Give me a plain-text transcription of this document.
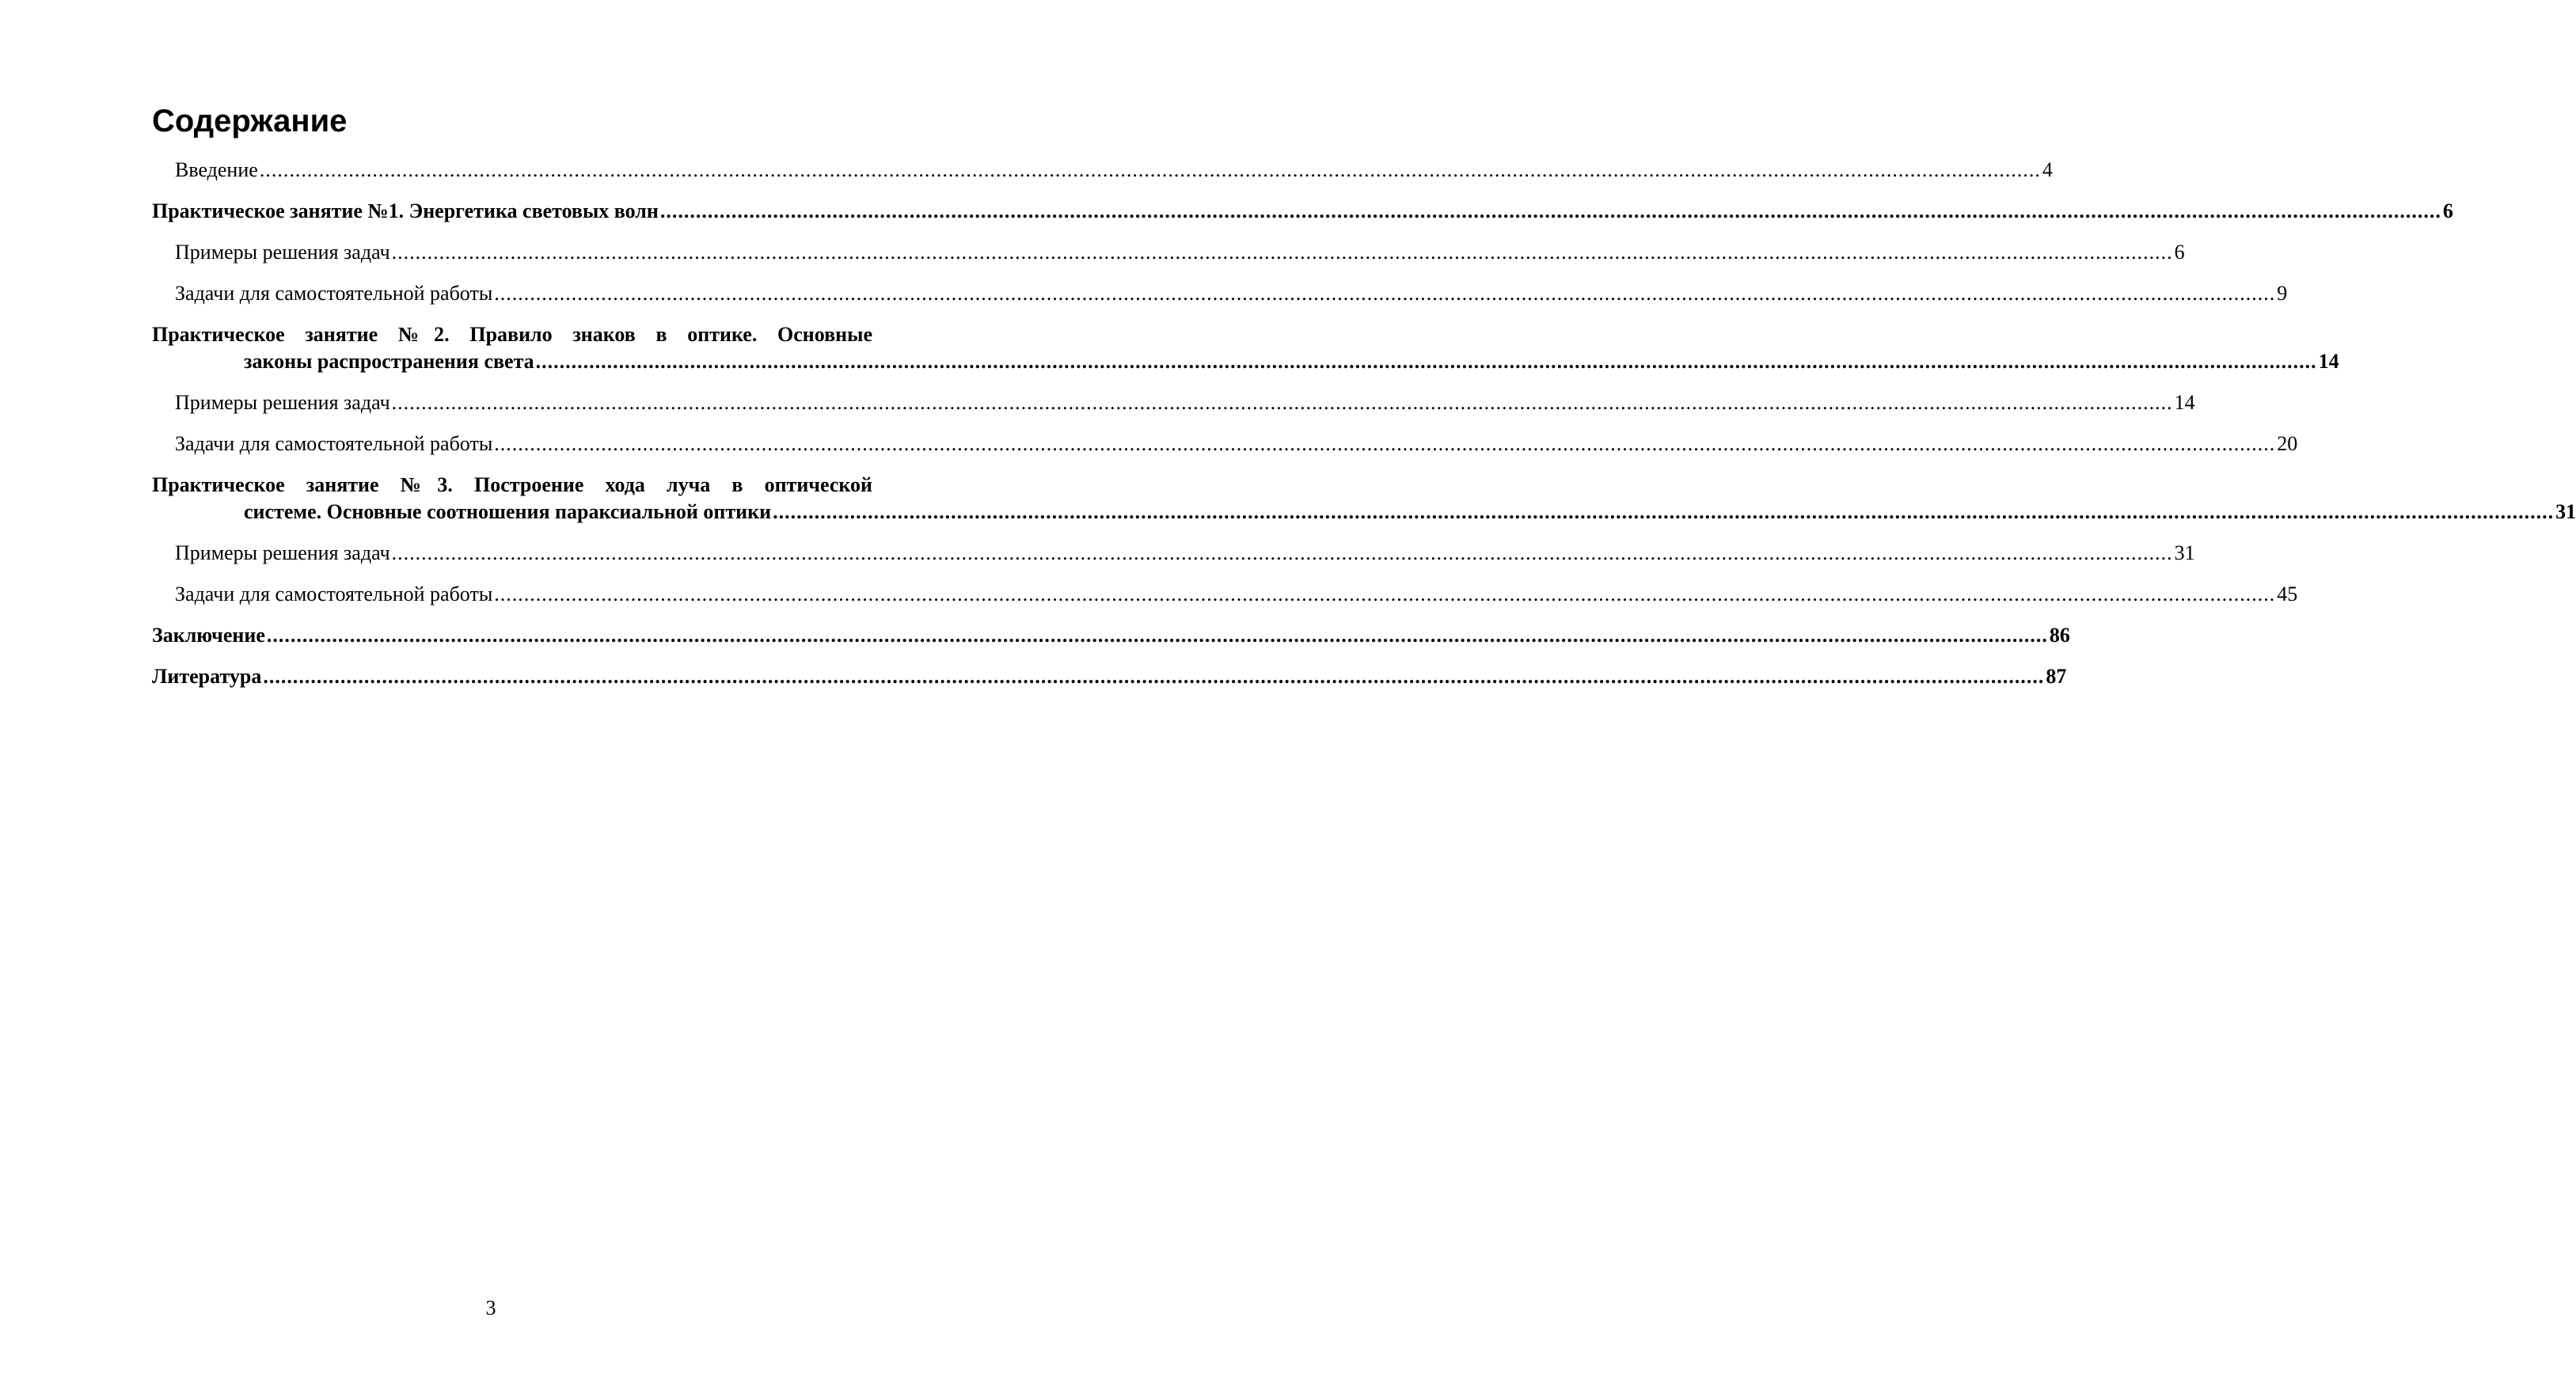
Содержание
Введение ............................................................................................................................................................................................................................................................................................................ 4
Практическое занятие №1. Энергетика световых волн ............................................................................................................................................................................................................................................................................................................ 6
Примеры решения задач ............................................................................................................................................................................................................................................................................................................ 6
Задачи для самостоятельной работы ............................................................................................................................................................................................................................................................................................................ 9
Практическое занятие №2. Правило знаков в оптике. Основные
законы распространения света ............................................................................................................................................................................................................................................................................................................ 14
Примеры решения задач ............................................................................................................................................................................................................................................................................................................ 14
Задачи для самостоятельной работы ............................................................................................................................................................................................................................................................................................................ 20
Практическое занятие №3. Построение хода луча в оптической
системе. Основные соотношения параксиальной оптики ............................................................................................................................................................................................................................................................................................................ 31
Примеры решения задач ............................................................................................................................................................................................................................................................................................................ 31
Задачи для самостоятельной работы ............................................................................................................................................................................................................................................................................................................ 45
Заключение ............................................................................................................................................................................................................................................................................................................ 86
Литература ............................................................................................................................................................................................................................................................................................................ 87
3
